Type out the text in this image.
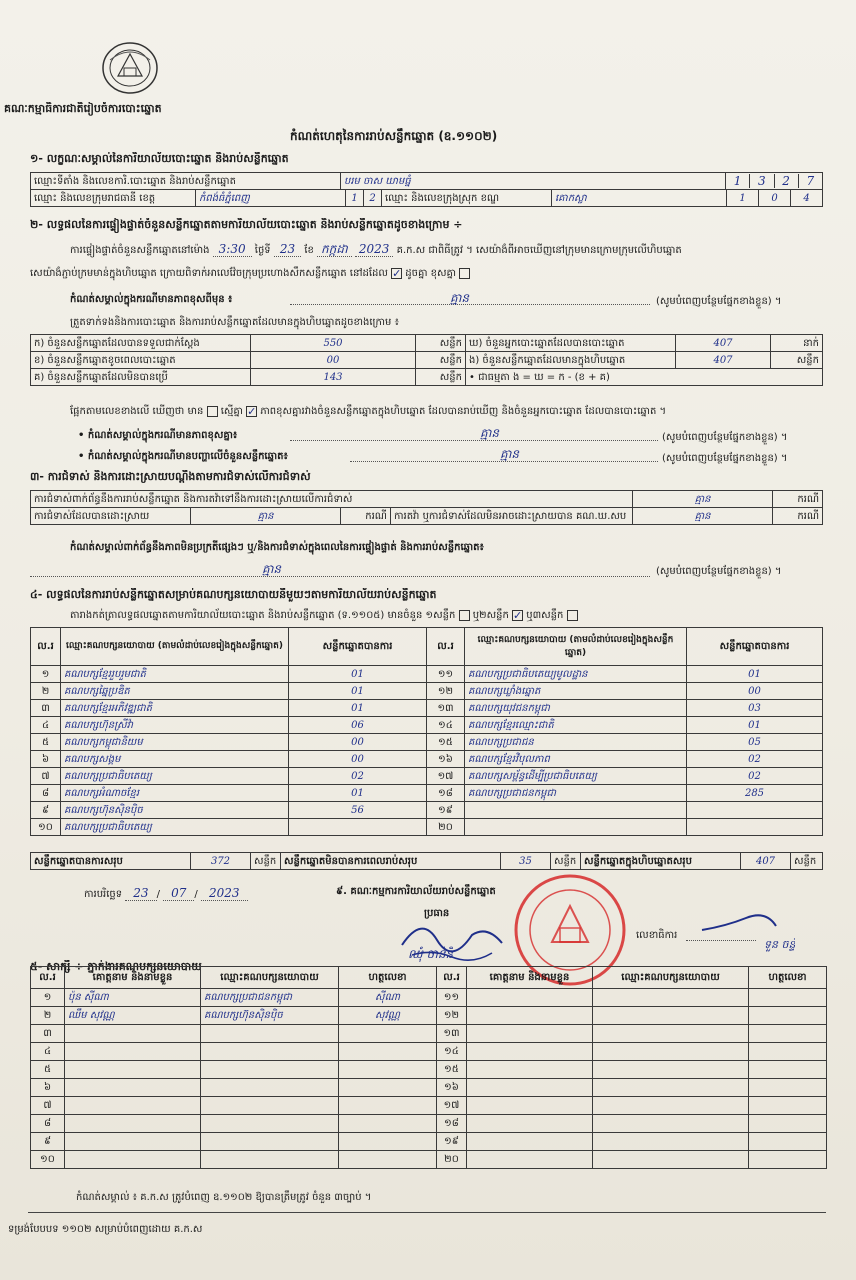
គណៈកម្មាធិការជាតិរៀបចំការបោះឆ្នោត
កំណត់ហេតុនៃការរាប់សន្លឹកឆ្នោត (ឧ.១១០២)
១- លក្ខណៈសម្គាល់នៃការិយាល័យបោះឆ្នោត និងរាប់សន្លឹកឆ្នោត
ឈ្មោះទីតាំង និងលេខការិ.បោះឆ្នោត និងរាប់សន្លឹកឆ្នោត	បរម ចាស ឃាមធ្នំ	1	3	2	7
ឈ្មោះ និងលេខក្រុមរាជធានី ខេត្ត	កំពង់ធំភ្នំពេញ	1	2	ឈ្មោះ និងលេខក្រុងស្រុក ខណ្ឌ	គោកស្លា	1	0	4
២- លទ្ធផលនៃការផ្ទៀងផ្ទាត់ចំនួនសន្លឹកឆ្នោតតាមការិយាល័យបោះឆ្នោត និងរាប់សន្លឹកឆ្នោតដូចខាងក្រោម ÷
ការផ្ទៀងផ្ទាត់ចំនួនសន្លឹកឆ្នោតនៅម៉ោង 3:30 ថ្ងៃទី 23 ខែ កក្កដា 2023 គ.ក.ស ជាពិធីត្រូវ ។ សេយ៉ាងំពីអាចឃើញនៅក្រុមមានក្រោមក្រុមលើហិបឆ្នោត
សេយ៉ាងំភ្ជាប់ក្រមមាន់ក្នុងហិបឆ្នោត ក្រោយពិទាក់អាលេវ៉ែចក្រុមប្រហោងសឹកសន្លឹកឆ្នោត នៅដដែល ✓ ដូចគ្នា ខុសគ្នា
កំណត់សម្គាល់ក្នុងករណីមានភាពខុសពីមុន ៖	គ្មាន	(សូមបំពេញបន្ថែមផ្នែកខាងខ្លួន) ។
ត្រួតទាក់ទងនិងការបោះឆ្នោត និងការរាប់សន្លឹកឆ្នោតដែលមានក្នុងហិបឆ្នោតដូចខាងក្រោម ៖
ក) ចំនួនសន្លឹកឆ្នោតដែលបានទទួលជាក់ស្តែង	550	សន្លឹក	ឃ) ចំនួនអ្នកបោះឆ្នោតដែលបានបោះឆ្នោត	407	នាក់
ខ) ចំនួនសន្លឹកឆ្នោតខូចពេលបោះឆ្នោត	00	សន្លឹក	ង) ចំនួនសន្លឹកឆ្នោតដែលមានក្នុងហិបឆ្នោត	407	សន្លឹក
គ) ចំនួនសន្លឹកឆ្នោតដែលមិនបានប្រើ	143	សន្លឹក	• ជាធម្មតា ង = ឃ = ក - (ខ + គ)		
ផ្អែកតាមលេខខាងលើ ឃើញថា មាន ស្មើគ្នា ✓ ភាពខុសគ្នារវាងចំនួនសន្លឹកឆ្នោតក្នុងហិបឆ្នោត ដែលបានរាប់ឃើញ និងចំនួនអ្នកបោះឆ្នោត ដែលបានបោះឆ្នោត ។
• កំណត់សម្គាល់ក្នុងករណីមានភាពខុសគ្នា៖	គ្មាន	(សូមបំពេញបន្ថែមផ្នែកខាងខ្លួន) ។
• កំណត់សម្គាល់ក្នុងករណីមានបញ្ហាលើចំនួនសន្លឹកឆ្នោត៖	គ្មាន	(សូមបំពេញបន្ថែមផ្នែកខាងខ្លួន) ។
៣- ការជំទាស់ និងការដោះស្រាយបណ្តឹងតាមការជំទាស់លើការជំទាស់
ការជំទាស់ពាក់ព័ន្ធនឹងការរាប់សន្លឹកឆ្នោត និងការតវ៉ាទៅនឹងការដោះស្រាយលើការជំទាស់				គ្មាន	ករណី
ការជំទាស់ដែលបានដោះស្រាយ	គ្មាន	ករណី	ការតវ៉ា ឬការជំទាស់ដែលមិនអាចដោះស្រាយបាន គណ.ឃ.សប	គ្មាន	ករណី
កំណត់សម្គាល់ពាក់ព័ន្ធនឹងភាពមិនប្រក្រតីផ្សេងៗ ឬ/និងការជំទាស់ក្នុងពេលនៃការផ្ទៀងផ្ទាត់ និងការរាប់សន្លឹកឆ្នោត៖
គ្មាន	(សូមបំពេញបន្ថែមផ្នែកខាងខ្លួន) ។
៤- លទ្ធផលនៃការរាប់សន្លឹកឆ្នោតសម្រាប់គណបក្សនយោបាយនីមួយៗតាមការិយាល័យរាប់សន្លឹកឆ្នោត
តារាងកត់ត្រាលទ្ធផលឆ្នោតតាមការិយាល័យបោះឆ្នោត និងរាប់សន្លឹកឆ្នោត (ទ.១១០៥) មានចំនួន ១សន្លឹក ឬ២សន្លឹក ✓ ឬ៣សន្លឹក
ល.រ	ឈ្មោះគណបក្សនយោបាយ (តាមលំដាប់លេខរៀងក្នុងសន្លឹកឆ្នោត)	សន្លឹកឆ្នោតបានការ	ល.រ	ឈ្មោះគណបក្សនយោបាយ (តាមលំដាប់លេខរៀងក្នុងសន្លឹកឆ្នោត)	សន្លឹកឆ្នោតបានការ
១	គណបក្សខ្មែររួបរួមជាតិ	01	១១	គណបក្សប្រជាធិបតេយ្យមូលដ្ឋាន	01
២	គណបក្សឆ្នៃប្រឌិត	01	១២	គណបក្សឃ្លាំងឆ្នោត	00
៣	គណបក្សខ្មែរអភិវឌ្ឍជាតិ	01	១៣	គណបក្សយុវជនកម្ពុជា	03
៤	គណបក្សហ៊ុនស្រីវ៉ា	06	១៤	គណបក្សខ្មែរឈ្មោះជាតិ	01
៥	គណបក្សកម្ពុជានិយម	00	១៥	គណបក្សប្រជាជន	05
៦	គណបក្សសង្គម	00	១៦	គណបក្សខ្មែរវិបុលភាព	02
៧	គណបក្សប្រជាធិបតេយ្យ	02	១៧	គណបក្សសម្ព័ន្ធដើម្បីប្រជាធិបតេយ្យ	02
៨	គណបក្សអំណាចខ្មែរ	01	១៨	គណបក្សប្រជាជនកម្ពុជា	285
៩	គណបក្សហ៊ុនស៊ិនប៉ិច	56	១៩		
១០	គណបក្សប្រជាធិបតេយ្យ		២០		
សន្លឹកឆ្នោតបានការសរុប	372	សន្លឹក	សន្លឹកឆ្នោតមិនបានការពេលរាប់សរុប	35	សន្លឹក	សន្លឹកឆ្នោតក្នុងហិបឆ្នោតសរុប	407	សន្លឹក
ការបរិច្ឆេទ 23 / 07 / 2023	៩. គណៈកម្មការការិយាល័យរាប់សន្លឹកឆ្នោត
ប្រធាន
លេខាធិការ
ឈុំ ចាន់នី
ទួន ចន្ទ័
៥- សាក្សី ÷ ភ្នាក់ងារគណបក្សនយោបាយ
ល.រ	គោត្តនាម និងនាមខ្លួន	ឈ្មោះគណបក្សនយោបាយ	ហត្ថលេខា	ល.រ	គោត្តនាម និងនាមខ្លួន	ឈ្មោះគណបក្សនយោបាយ	ហត្ថលេខា
១	ប៉ុន ស៊ីណា	គណបក្សប្រជាជនកម្ពុជា	ស៊ីណា	១១			
២	ឈឹម សុវណ្ណ	គណបក្សហ៊ុនស៊ិនប៉ិច	សុវណ្ណ	១២			
៣				១៣			
៤				១៤			
៥				១៥			
៦				១៦			
៧				១៧			
៨				១៨			
៩				១៩			
១០				២០			
កំណត់សម្គាល់ ៖ គ.ក.ស ត្រូវបំពេញ ឧ.១១០២ ឱ្យបានត្រឹមត្រូវ ចំនួន ៣ច្បាប់ ។
ទម្រង់បែបបទ ១១០២ សម្រាប់បំពេញដោយ គ.ក.ស
